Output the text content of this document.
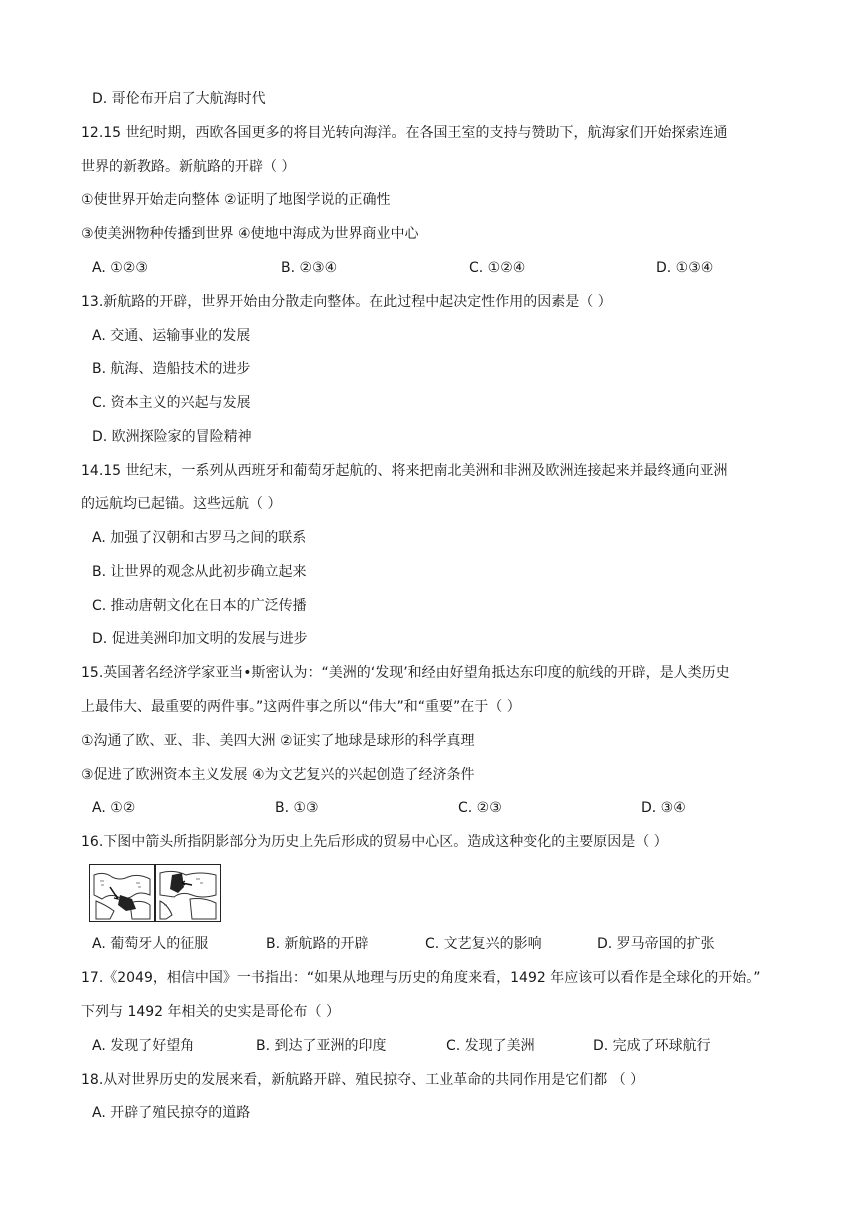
D. 哥伦布开启了大航海时代
12.15 世纪时期，西欧各国更多的将目光转向海洋。在各国王室的支持与赞助下，航海家们开始探索连通
世界的新教路。新航路的开辟（ ）
①使世界开始走向整体 ②证明了地图学说的正确性
③使美洲物种传播到世界 ④使地中海成为世界商业中心
A. ①②③	B. ②③④	C. ①②④	D. ①③④
13.新航路的开辟，世界开始由分散走向整体。在此过程中起决定性作用的因素是（ ）
A. 交通、运输事业的发展
B. 航海、造船技术的进步
C. 资本主义的兴起与发展
D. 欧洲探险家的冒险精神
14.15 世纪末，一系列从西班牙和葡萄牙起航的、将来把南北美洲和非洲及欧洲连接起来并最终通向亚洲
的远航均已起锚。这些远航（ ）
A. 加强了汉朝和古罗马之间的联系
B. 让世界的观念从此初步确立起来
C. 推动唐朝文化在日本的广泛传播
D. 促进美洲印加文明的发展与进步
15.英国著名经济学家亚当•斯密认为：“美洲的‘发现’和经由好望角抵达东印度的航线的开辟，是人类历史
上最伟大、最重要的两件事。”这两件事之所以“伟大”和“重要”在于（ ）
①沟通了欧、亚、非、美四大洲 ②证实了地球是球形的科学真理
③促进了欧洲资本主义发展 ④为文艺复兴的兴起创造了经济条件
A. ①②	B. ①③	C. ②③	D. ③④
16.下图中箭头所指阴影部分为历史上先后形成的贸易中心区。造成这种变化的主要原因是（ ）
A. 葡萄牙人的征服	B. 新航路的开辟	C. 文艺复兴的影响	D. 罗马帝国的扩张
17.《2049，相信中国》一书指出：“如果从地理与历史的角度来看，1492 年应该可以看作是全球化的开始。”
下列与 1492 年相关的史实是哥伦布（ ）
A. 发现了好望角	B. 到达了亚洲的印度	C. 发现了美洲	D. 完成了环球航行
18.从对世界历史的发展来看，新航路开辟、殖民掠夺、工业革命的共同作用是它们都 （ ）
A. 开辟了殖民掠夺的道路
